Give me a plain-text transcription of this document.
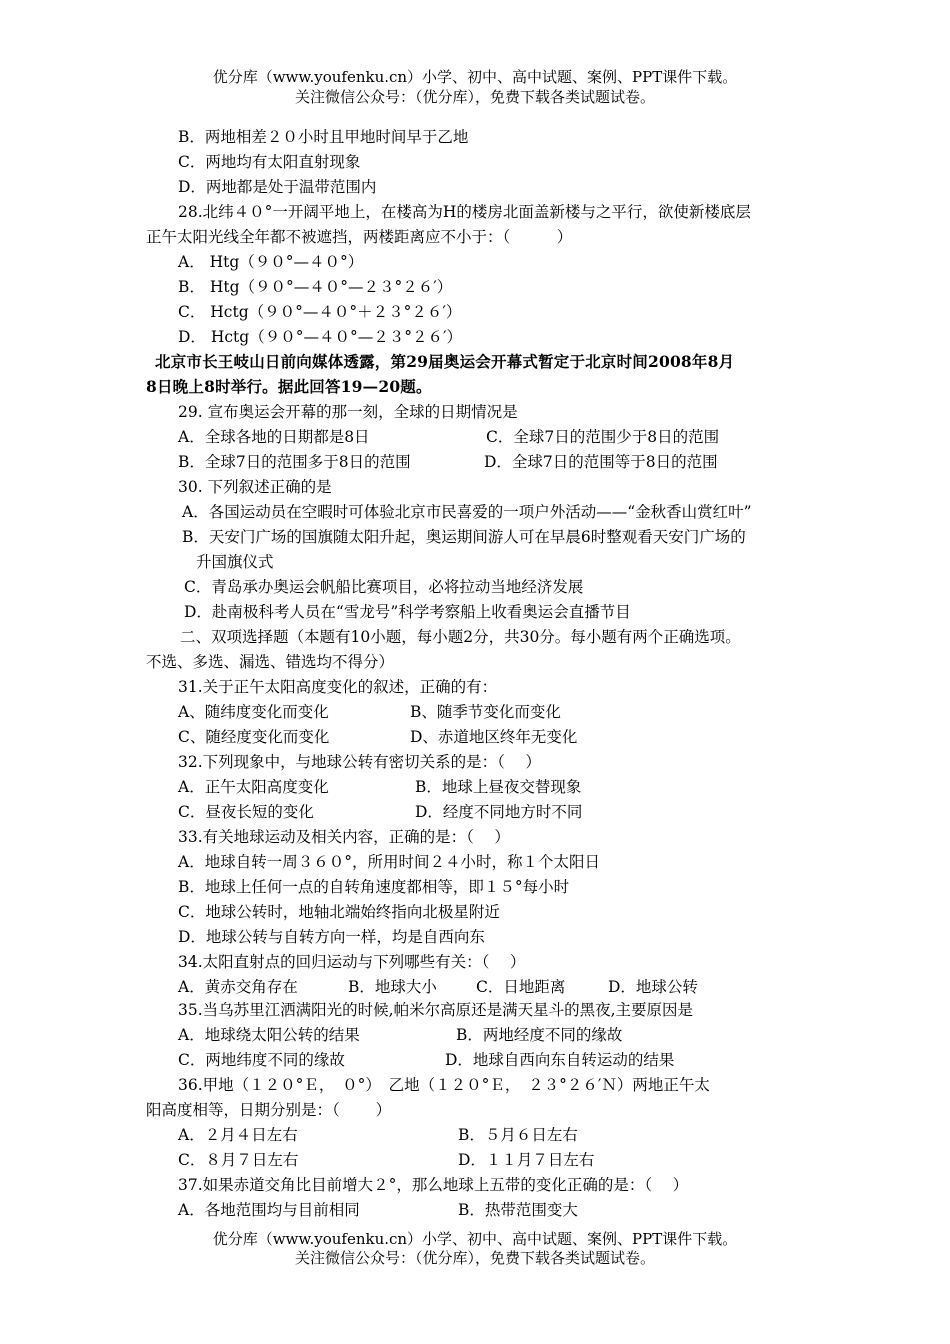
优分库（www.youfenku.cn）小学、初中、高中试题、案例、PPT课件下载。
关注微信公众号：（优分库），免费下载各类试题试卷。
B．两地相差２０小时且甲地时间早于乙地
C．两地均有太阳直射现象
D．两地都是处于温带范围内
28.北纬４０°一开阔平地上，在楼高为H的楼房北面盖新楼与之平行，欲使新楼底层
正午太阳光线全年都不被遮挡，两楼距离应不小于：（　　　）
A． Htg（９０°—４０°）
B． Htg（９０°—４０°—２３°２６′）
C． Hctg（９０°—４０°＋２３°２６′）
D． Hctg（９０°—４０°—２３°２６′）
北京市长王岐山日前向媒体透露，第29届奥运会开幕式暂定于北京时间2008年8月
8日晚上8时举行。据此回答19—20题。
29. 宣布奥运会开幕的那一刻，全球的日期情况是
A．全球各地的日期都是8日	C．全球7日的范围少于8日的范围
B．全球7日的范围多于8日的范围	D．全球7日的范围等于8日的范围
30. 下列叙述正确的是
A．各国运动员在空暇时可体验北京市民喜爱的一项户外活动——“金秋香山赏红叶”
B．天安门广场的国旗随太阳升起，奥运期间游人可在早晨6时整观看天安门广场的
升国旗仪式
C．青岛承办奥运会帆船比赛项目，必将拉动当地经济发展
D．赴南极科考人员在“雪龙号”科学考察船上收看奥运会直播节目
二、双项选择题（本题有10小题，每小题2分，共30分。每小题有两个正确选项。
不选、多选、漏选、错选均不得分）
31.关于正午太阳高度变化的叙述，正确的有：
A、随纬度变化而变化	B、随季节变化而变化
C、随经度变化而变化	D、赤道地区终年无变化
32.下列现象中，与地球公转有密切关系的是：（　 ）
A．正午太阳高度变化	B．地球上昼夜交替现象
C．昼夜长短的变化	D．经度不同地方时不同
33.有关地球运动及相关内容，正确的是：（　 ）
A．地球自转一周３６０°，所用时间２４小时，称１个太阳日
B．地球上任何一点的自转角速度都相等，即１５°每小时
C．地球公转时，地轴北端始终指向北极星附近
D．地球公转与自转方向一样，均是自西向东
34.太阳直射点的回归运动与下列哪些有关：（　 ）
A．黄赤交角存在	B．地球大小	C．日地距离	D．地球公转
35.当乌苏里江洒满阳光的时候,帕米尔高原还是满天星斗的黑夜,主要原因是
A．地球绕太阳公转的结果	B．两地经度不同的缘故
C．两地纬度不同的缘故	D．地球自西向东自转运动的结果
36.甲地（１２０°Ｅ，　０°）　乙地（１２０°Ｅ，　２３°２６′Ｎ）两地正午太
阳高度相等，日期分别是：（　　 ）
A．２月４日左右	B．５月６日左右
C．８月７日左右	D．１１月７日左右
37.如果赤道交角比目前增大２°，那么地球上五带的变化正确的是：（　 ）
A．各地范围均与目前相同	B．热带范围变大
优分库（www.youfenku.cn）小学、初中、高中试题、案例、PPT课件下载。
关注微信公众号：（优分库），免费下载各类试题试卷。
